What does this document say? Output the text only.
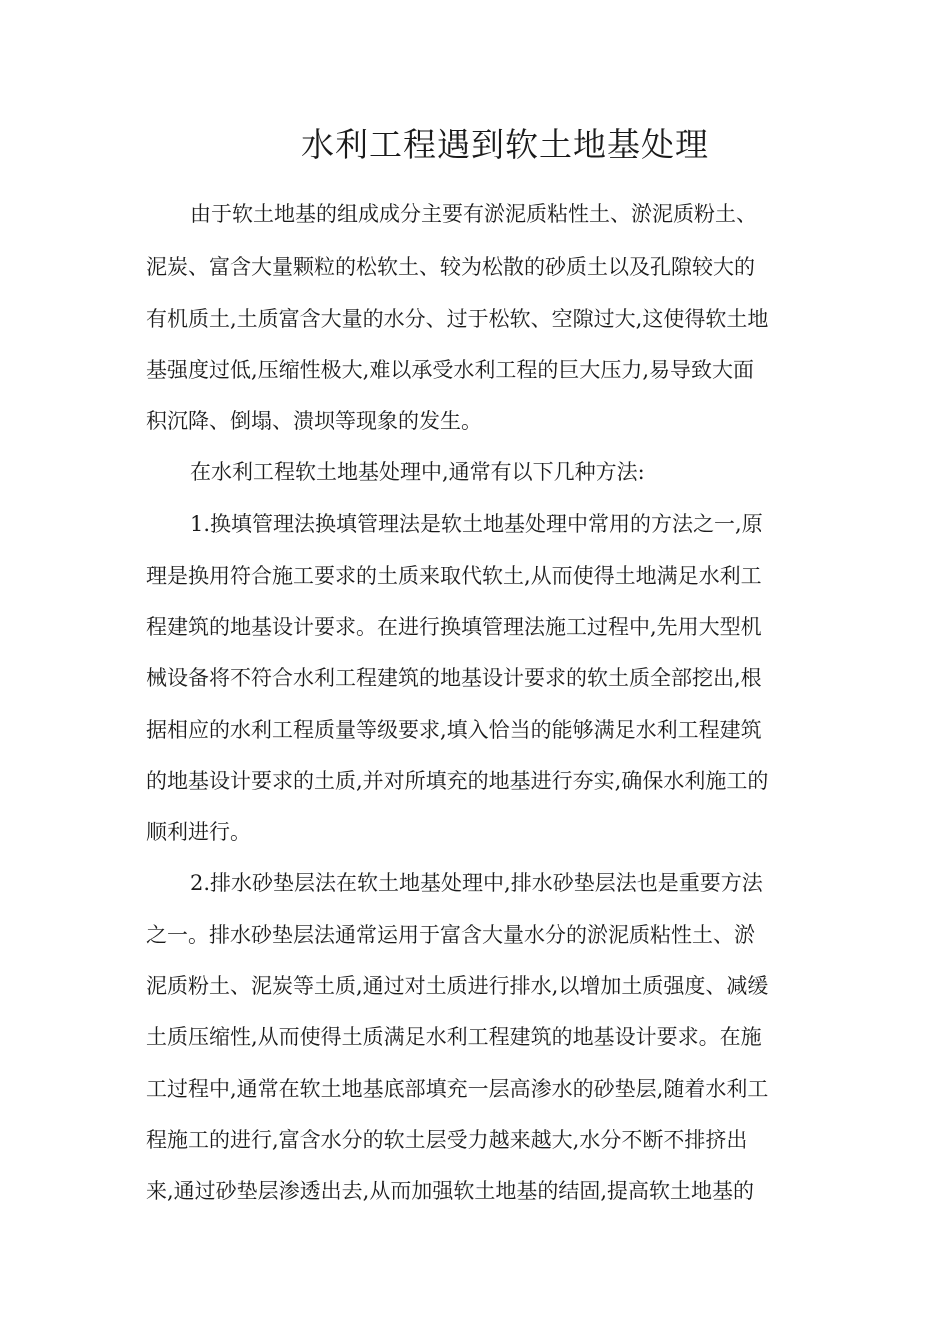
水利工程遇到软土地基处理

由于软土地基的组成成分主要有淤泥质粘性土、淤泥质粉土、

泥炭、富含大量颗粒的松软土、较为松散的砂质土以及孔隙较大的

有机质土,土质富含大量的水分、过于松软、空隙过大,这使得软土地

基强度过低,压缩性极大,难以承受水利工程的巨大压力,易导致大面

积沉降、倒塌、溃坝等现象的发生。

在水利工程软土地基处理中,通常有以下几种方法:

1.换填管理法换填管理法是软土地基处理中常用的方法之一,原

理是换用符合施工要求的土质来取代软土,从而使得土地满足水利工

程建筑的地基设计要求。在进行换填管理法施工过程中,先用大型机

械设备将不符合水利工程建筑的地基设计要求的软土质全部挖出,根

据相应的水利工程质量等级要求,填入恰当的能够满足水利工程建筑

的地基设计要求的土质,并对所填充的地基进行夯实,确保水利施工的

顺利进行。

2.排水砂垫层法在软土地基处理中,排水砂垫层法也是重要方法

之一。排水砂垫层法通常运用于富含大量水分的淤泥质粘性土、淤

泥质粉土、泥炭等土质,通过对土质进行排水,以增加土质强度、减缓

土质压缩性,从而使得土质满足水利工程建筑的地基设计要求。在施

工过程中,通常在软土地基底部填充一层高渗水的砂垫层,随着水利工

程施工的进行,富含水分的软土层受力越来越大,水分不断不排挤出

来,通过砂垫层渗透出去,从而加强软土地基的结固,提高软土地基的
